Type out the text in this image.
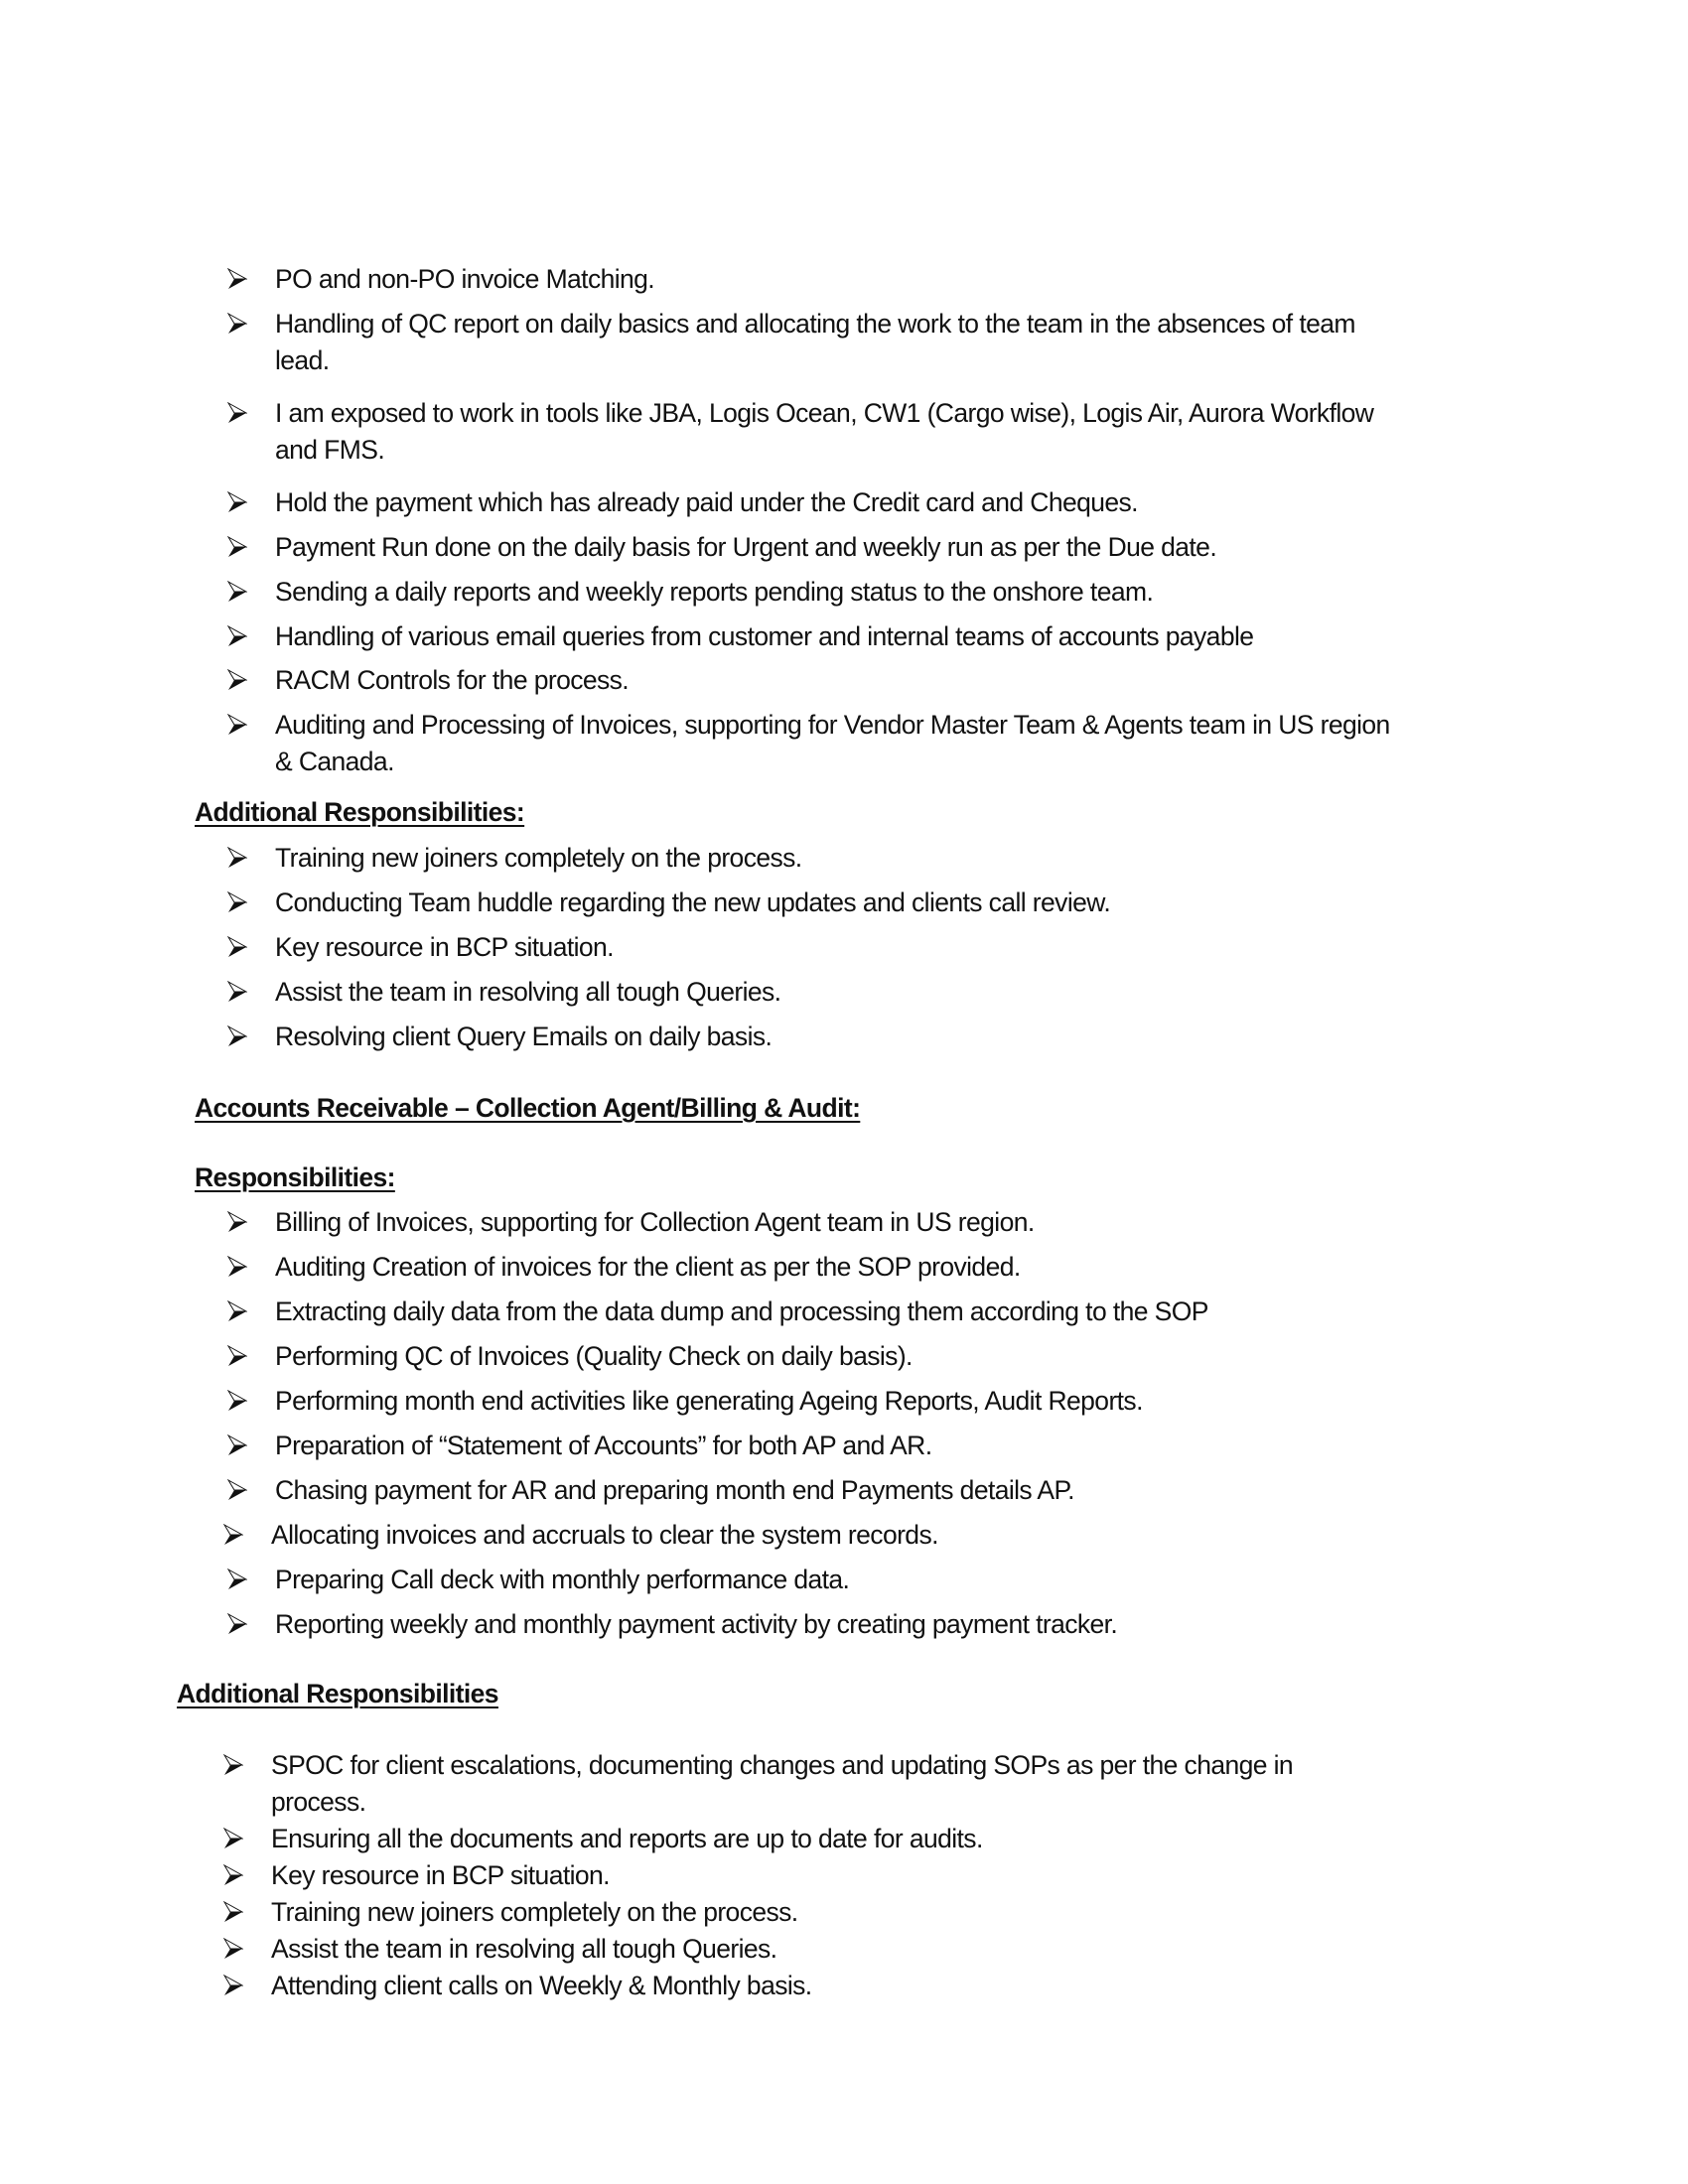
PO and non-PO invoice Matching.
Handling of QC report on daily basics and allocating the work to the team in the absences of team
lead.
I am exposed to work in tools like JBA, Logis Ocean, CW1 (Cargo wise), Logis Air, Aurora Workflow
and FMS.
Hold the payment which has already paid under the Credit card and Cheques.
Payment Run done on the daily basis for Urgent and weekly run as per the Due date.
Sending a daily reports and weekly reports pending status to the onshore team.
Handling of various email queries from customer and internal teams of accounts payable
RACM Controls for the process.
Auditing and Processing of Invoices, supporting for Vendor Master Team & Agents team in US region
& Canada.
Additional Responsibilities:
Training new joiners completely on the process.
Conducting Team huddle regarding the new updates and clients call review.
Key resource in BCP situation.
Assist the team in resolving all tough Queries.
Resolving client Query Emails on daily basis.
Accounts Receivable – Collection Agent/Billing & Audit:
Responsibilities:
Billing of Invoices, supporting for Collection Agent team in US region.
Auditing Creation of invoices for the client as per the SOP provided.
Extracting daily data from the data dump and processing them according to the SOP
Performing QC of Invoices (Quality Check on daily basis).
Performing month end activities like generating Ageing Reports, Audit Reports.
Preparation of “Statement of Accounts” for both AP and AR.
Chasing payment for AR and preparing month end Payments details AP.
Allocating invoices and accruals to clear the system records.
Preparing Call deck with monthly performance data.
Reporting weekly and monthly payment activity by creating payment tracker.
Additional Responsibilities
SPOC for client escalations, documenting changes and updating SOPs as per the change in
process.
Ensuring all the documents and reports are up to date for audits.
Key resource in BCP situation.
Training new joiners completely on the process.
Assist the team in resolving all tough Queries.
Attending client calls on Weekly & Monthly basis.
